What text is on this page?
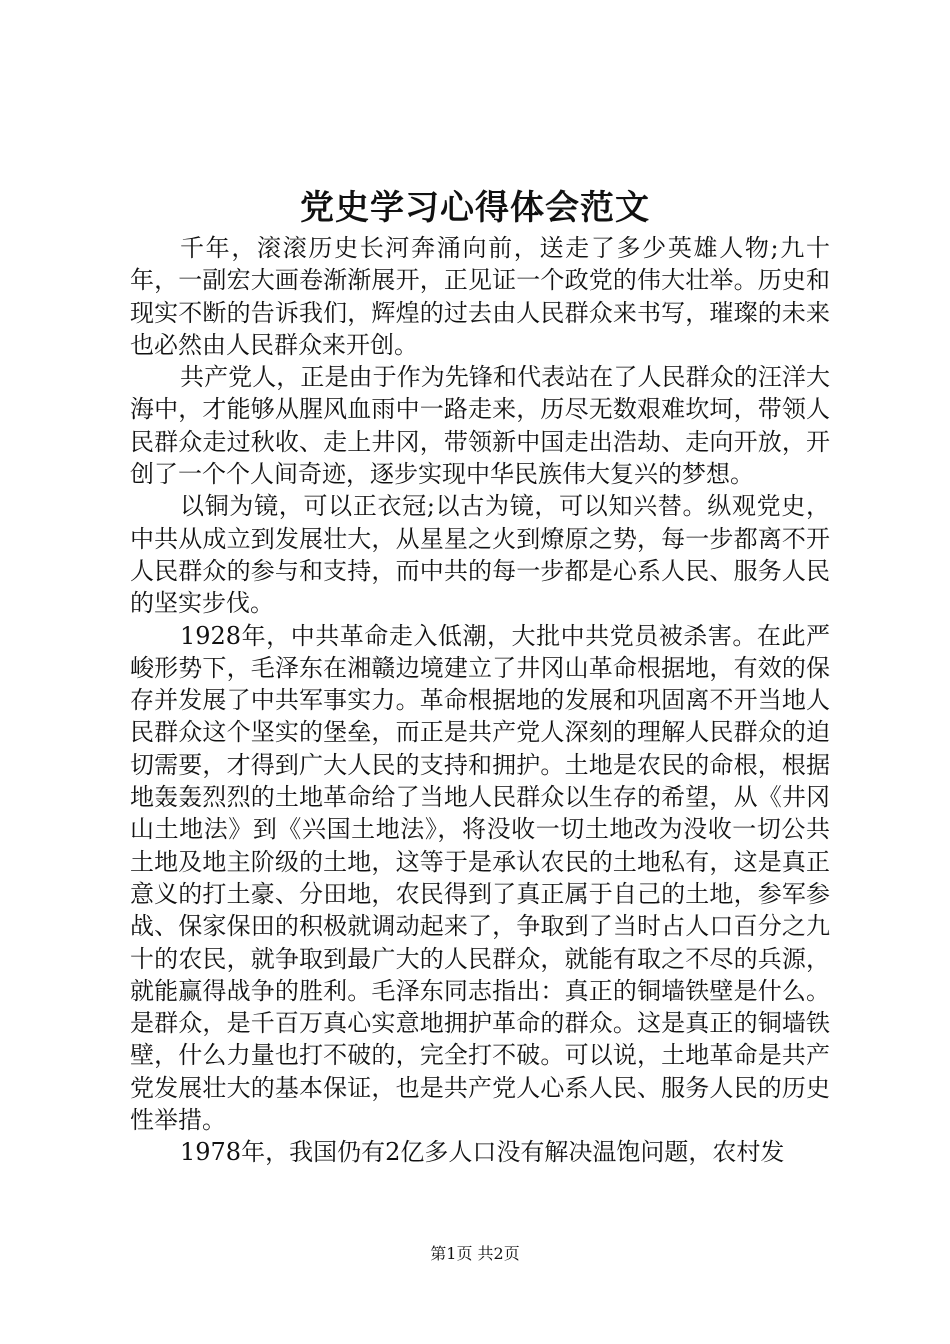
党史学习心得体会范文

千年，滚滚历史长河奔涌向前，送走了多少英雄人物;九十年，一副宏大画卷渐渐展开，正见证一个政党的伟大壮举。历史和现实不断的告诉我们，辉煌的过去由人民群众来书写，璀璨的未来也必然由人民群众来开创。

共产党人，正是由于作为先锋和代表站在了人民群众的汪洋大海中，才能够从腥风血雨中一路走来，历尽无数艰难坎坷，带领人民群众走过秋收、走上井冈，带领新中国走出浩劫、走向开放，开创了一个个人间奇迹，逐步实现中华民族伟大复兴的梦想。

以铜为镜，可以正衣冠;以古为镜，可以知兴替。纵观党史，中共从成立到发展壮大，从星星之火到燎原之势，每一步都离不开人民群众的参与和支持，而中共的每一步都是心系人民、服务人民的坚实步伐。

1928年，中共革命走入低潮，大批中共党员被杀害。在此严峻形势下，毛泽东在湘赣边境建立了井冈山革命根据地，有效的保存并发展了中共军事实力。革命根据地的发展和巩固离不开当地人民群众这个坚实的堡垒，而正是共产党人深刻的理解人民群众的迫切需要，才得到广大人民的支持和拥护。土地是农民的命根，根据地轰轰烈烈的土地革命给了当地人民群众以生存的希望，从《井冈山土地法》到《兴国土地法》，将没收一切土地改为没收一切公共土地及地主阶级的土地，这等于是承认农民的土地私有，这是真正意义的打土豪、分田地，农民得到了真正属于自己的土地，参军参战、保家保田的积极就调动起来了，争取到了当时占人口百分之九十的农民，就争取到最广大的人民群众，就能有取之不尽的兵源，就能赢得战争的胜利。毛泽东同志指出：真正的铜墙铁壁是什么。是群众，是千百万真心实意地拥护革命的群众。这是真正的铜墙铁壁，什么力量也打不破的，完全打不破。可以说，土地革命是共产党发展壮大的基本保证，也是共产党人心系人民、服务人民的历史性举措。

1978年，我国仍有2亿多人口没有解决温饱问题，农村发

第1页 共2页
